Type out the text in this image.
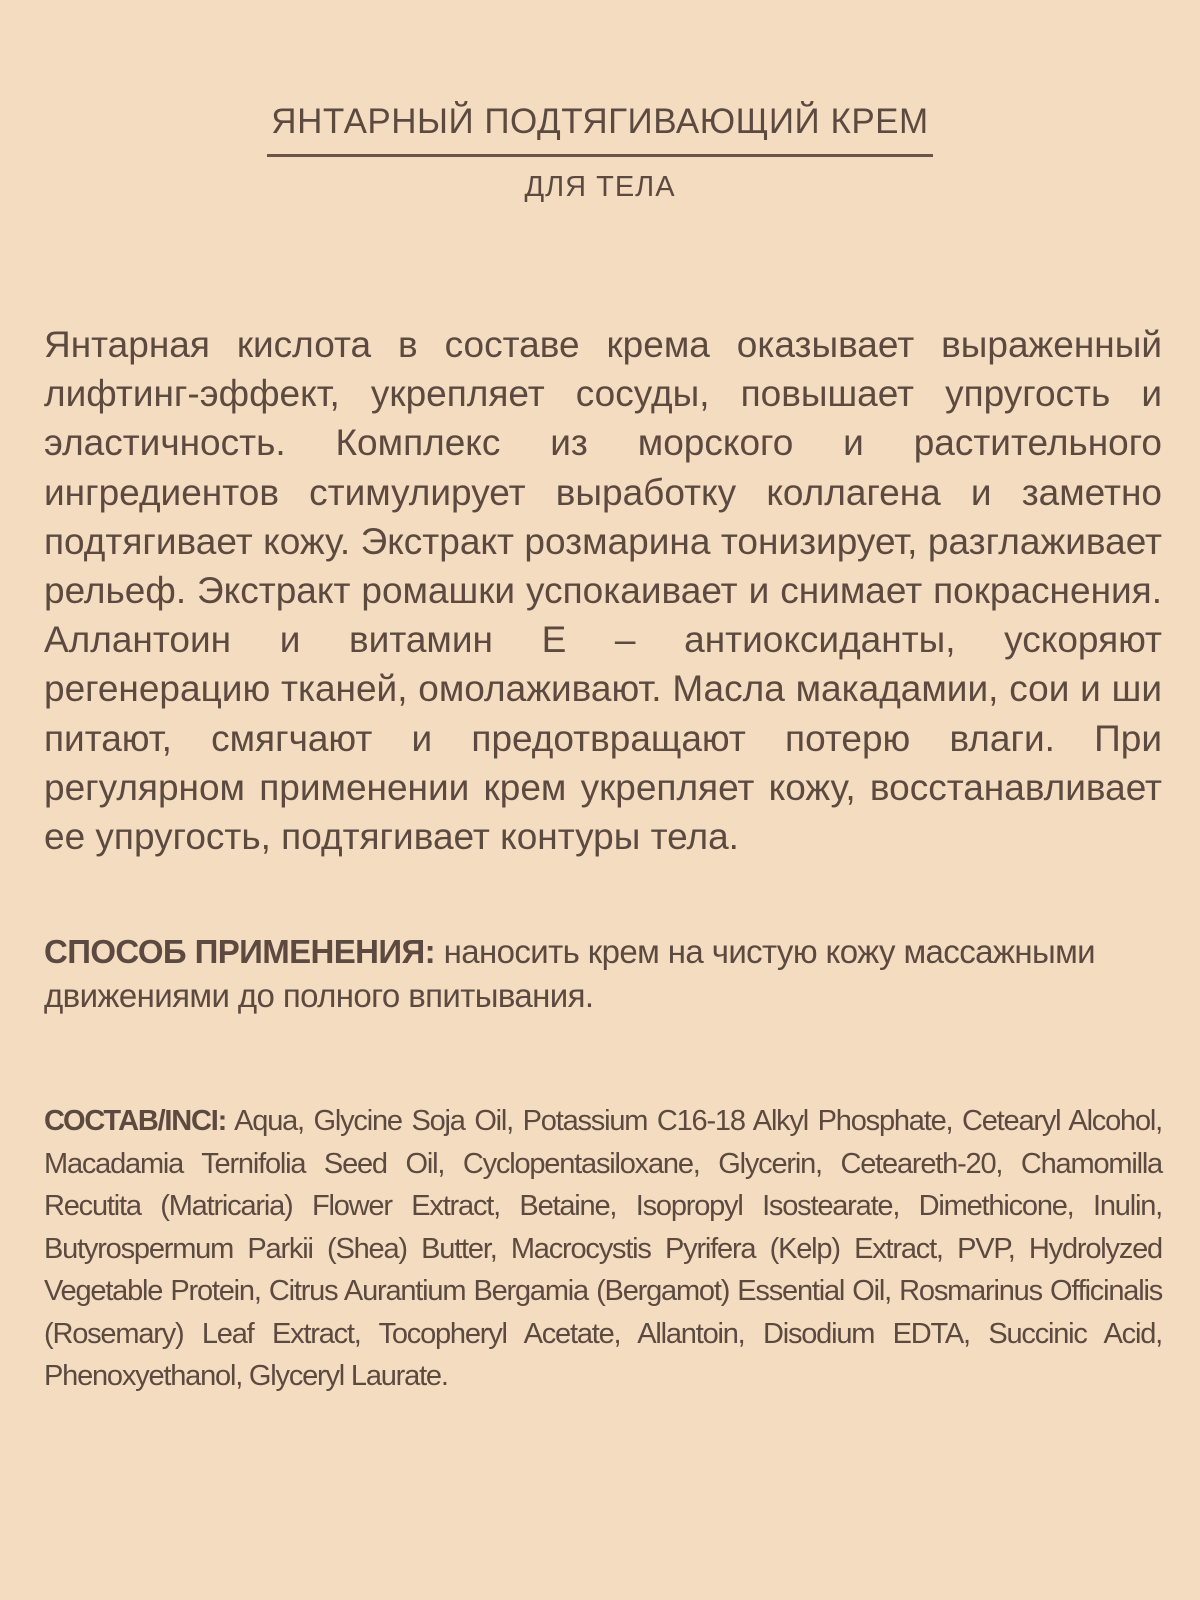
ЯНТАРНЫЙ ПОДТЯГИВАЮЩИЙ КРЕМ
ДЛЯ ТЕЛА

Янтарная кислота в составе крема оказывает выраженный лифтинг-эффект, укрепляет сосуды, повышает упругость и эластичность. Комплекс из морского и растительного ингредиентов стимулирует выработку коллагена и заметно подтягивает кожу. Экстракт розмарина тонизирует, разглаживает рельеф. Экстракт ромашки успокаивает и снимает покраснения. Аллантоин и витамин Е – антиоксиданты, ускоряют регенерацию тканей, омолаживают. Масла макадамии, сои и ши питают, смягчают и предотвращают потерю влаги. При регулярном применении крем укрепляет кожу, восстанавливает ее упругость, подтягивает контуры тела.

СПОСОБ ПРИМЕНЕНИЯ: наносить крем на чистую кожу массажными движениями до полного впитывания.

СОСТАВ/INCI: Aqua, Glycine Soja Oil, Potassium C16-18 Alkyl Phosphate, Cetearyl Alcohol, Macadamia Ternifolia Seed Oil, Cyclopentasiloxane, Glycerin, Ceteareth-20, Chamomilla Recutita (Matricaria) Flower Extract, Betaine, Isopropyl Isostearate, Dimethicone, Inulin, Butyrospermum Parkii (Shea) Butter, Macrocystis Pyrifera (Kelp) Extract, PVP, Hydrolyzed Vegetable Protein, Citrus Aurantium Bergamia (Bergamot) Essential Oil, Rosmarinus Officinalis (Rosemary) Leaf Extract, Tocopheryl Acetate, Allantoin, Disodium EDTA, Succinic Acid, Phenoxyethanol, Glyceryl Laurate.
